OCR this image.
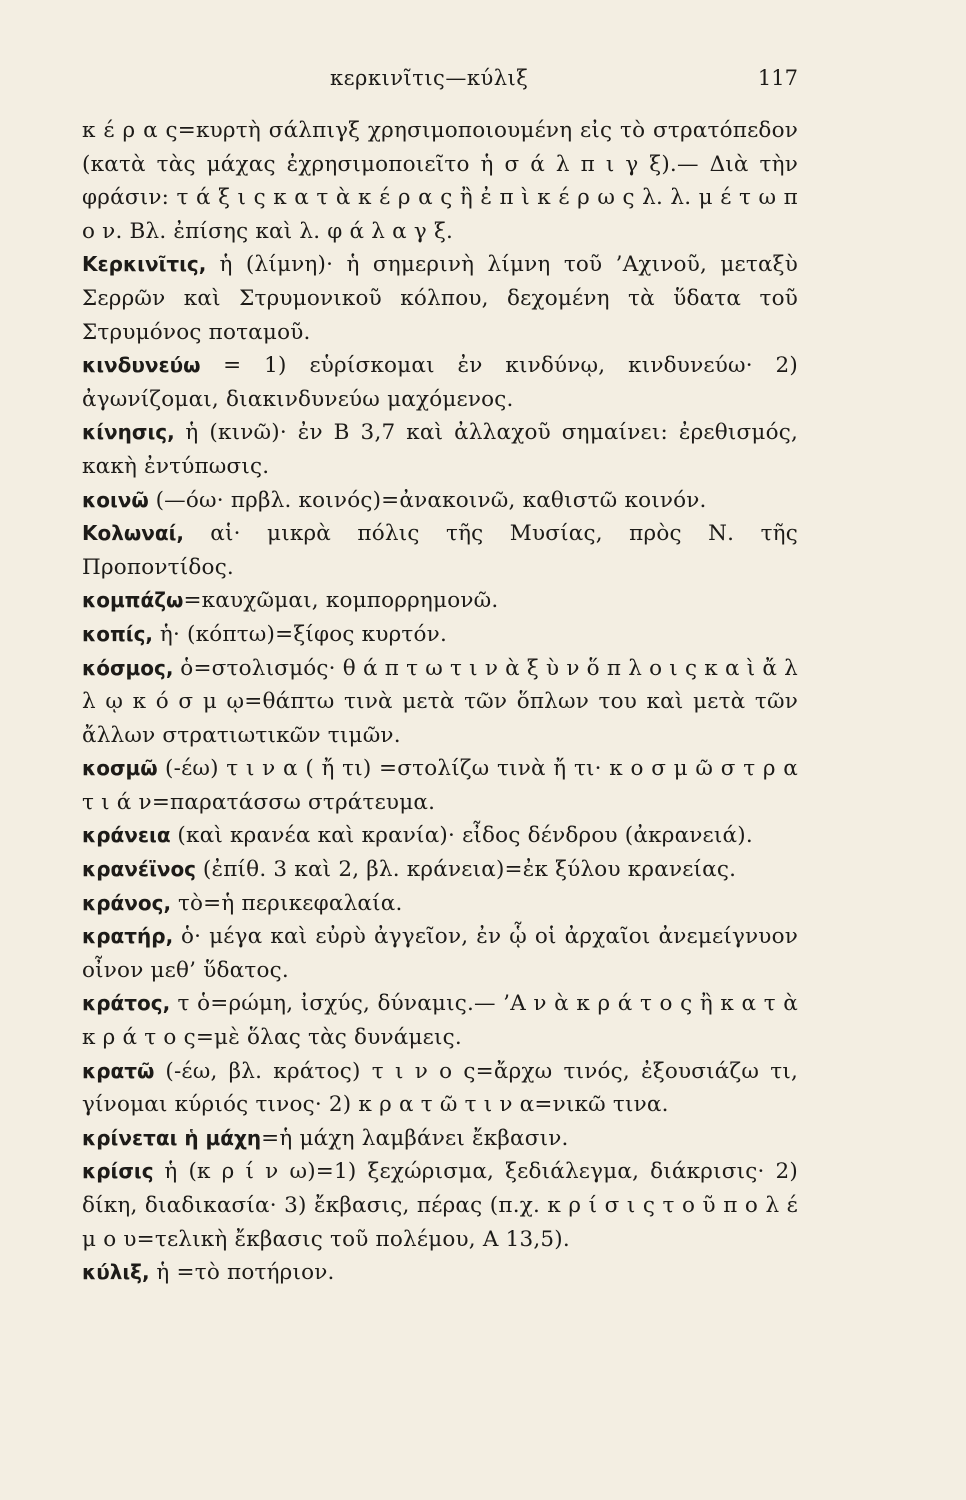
κερκινῖτις—κύλιξ	117

κ έ ρ α ς=κυρτὴ σάλπιγξ χρησιμοποιουμένη εἰς τὸ στρατόπεδον (κατὰ τὰς μάχας ἐχρησιμοποιεῖτο ἡ σ ά λ π ι γ ξ).— Διὰ τὴν φράσιν: τ ά ξ ι ς κ α τ ὰ κ έ ρ α ς ἢ ἐ π ὶ κ έ ρ ω ς λ. λ. μ έ τ ω π ο ν. Βλ. ἐπίσης καὶ λ. φ ά λ α γ ξ.

Κερκινῖτις, ἡ (λίμνη)· ἡ σημερινὴ λίμνη τοῦ ’Αχινοῦ, μεταξὺ Σερρῶν καὶ Στρυμονικοῦ κόλπου, δεχομένη τὰ ὕδατα τοῦ Στρυμόνος ποταμοῦ.

κινδυνεύω = 1) εὑρίσκομαι ἐν κινδύνῳ, κινδυνεύω· 2) ἀγωνίζομαι, διακινδυνεύω μαχόμενος.

κίνησις, ἡ (κινῶ)· ἐν Β 3,7 καὶ ἀλλαχοῦ σημαίνει: ἐρεθισμός, κακὴ ἐντύπωσις.

κοινῶ (—όω· πρβλ. κοινός)=ἀνακοινῶ, καθιστῶ κοινόν.

Κολωναί, αἱ· μικρὰ πόλις τῆς Μυσίας, πρὸς Ν. τῆς Προποντίδος.

κομπάζω=καυχῶμαι, κομπορρημονῶ.

κοπίς, ἡ· (κόπτω)=ξίφος κυρτόν.

κόσμος, ὁ=στολισμός· θ ά π τ ω τ ι ν ὰ ξ ὺ ν ὅ π λ ο ι ς κ α ὶ ἄ λ λ ῳ κ ό σ μ ῳ=θάπτω τινὰ μετὰ τῶν ὅπλων του καὶ μετὰ τῶν ἄλλων στρατιωτικῶν τιμῶν.

κοσμῶ (-έω) τ ι ν α ( ἤ τι) =στολίζω τινὰ ἤ τι· κ ο σ μ ῶ σ τ ρ α τ ι ά ν=παρατάσσω στράτευμα.

κράνεια (καὶ κρανέα καὶ κρανία)· εἶδος δένδρου (ἀκρανειά).

κρανέϊνος (ἐπίθ. 3 καὶ 2, βλ. κράνεια)=ἐκ ξύλου κρανείας.

κράνος, τὸ=ἡ περικεφαλαία.

κρατήρ, ὁ· μέγα καὶ εὐρὺ ἀγγεῖον, ἐν ᾧ οἱ ἀρχαῖοι ἀνεμείγνυον οἶνον μεθ’ ὕδατος.

κράτος, τ ὁ=ρώμη, ἰσχύς, δύναμις.— ’Α ν ὰ κ ρ ά τ ο ς ἢ κ α τ ὰ κ ρ ά τ ο ς=μὲ ὅλας τὰς δυνάμεις.

κρατῶ (-έω, βλ. κράτος) τ ι ν ο ς=ἄρχω τινός, ἐξουσιάζω τι, γίνομαι κύριός τινος· 2) κ ρ α τ ῶ τ ι ν α=νικῶ τινα.

κρίνεται ἡ μάχη=ἡ μάχη λαμβάνει ἔκβασιν.

κρίσις ἡ (κ ρ ί ν ω)=1) ξεχώρισμα, ξεδιάλεγμα, διάκρισις· 2) δίκη, διαδικασία· 3) ἔκβασις, πέρας (π.χ. κ ρ ί σ ι ς τ ο ῦ π ο λ έ μ ο υ=τελικὴ ἔκβασις τοῦ πολέμου, Α 13,5).

κύλιξ, ἡ =τὸ ποτήριον.
